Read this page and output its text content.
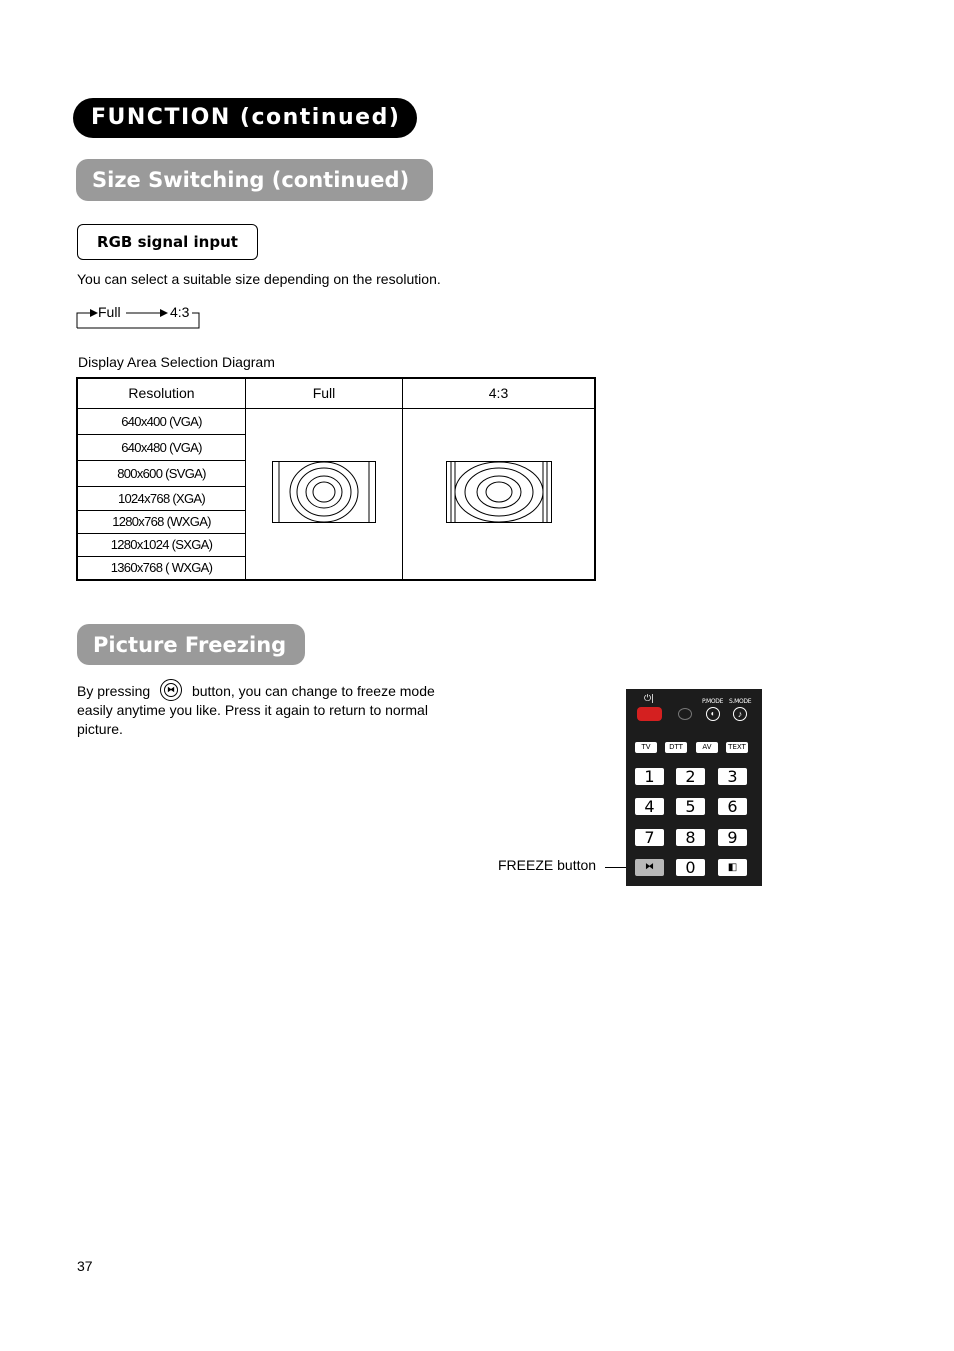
FUNCTION (continued)
Size Switching (continued)
RGB signal input
You can select a suitable size depending on the resolution.
Full	4:3
Display Area Selection Diagram
Resolution	Full	4:3
640x400 (VGA)		
640x480 (VGA)		
800x600 (SVGA)		
1024x768 (XGA)		
1280x768 (WXGA)		
1280x1024 (SXGA)		
1360x768 ( WXGA)		
Picture Freezing
By pressing	⧓ button, you can change to freeze mode
easily anytime you like. Press it again to return to normal
picture.
FREEZE button
⏻|	P.MODE S.MODE
◐	♪
TV	DTT	AV	TEXT
1	2	3
4	5	6
7	8	9
⧓	0	◧
37
